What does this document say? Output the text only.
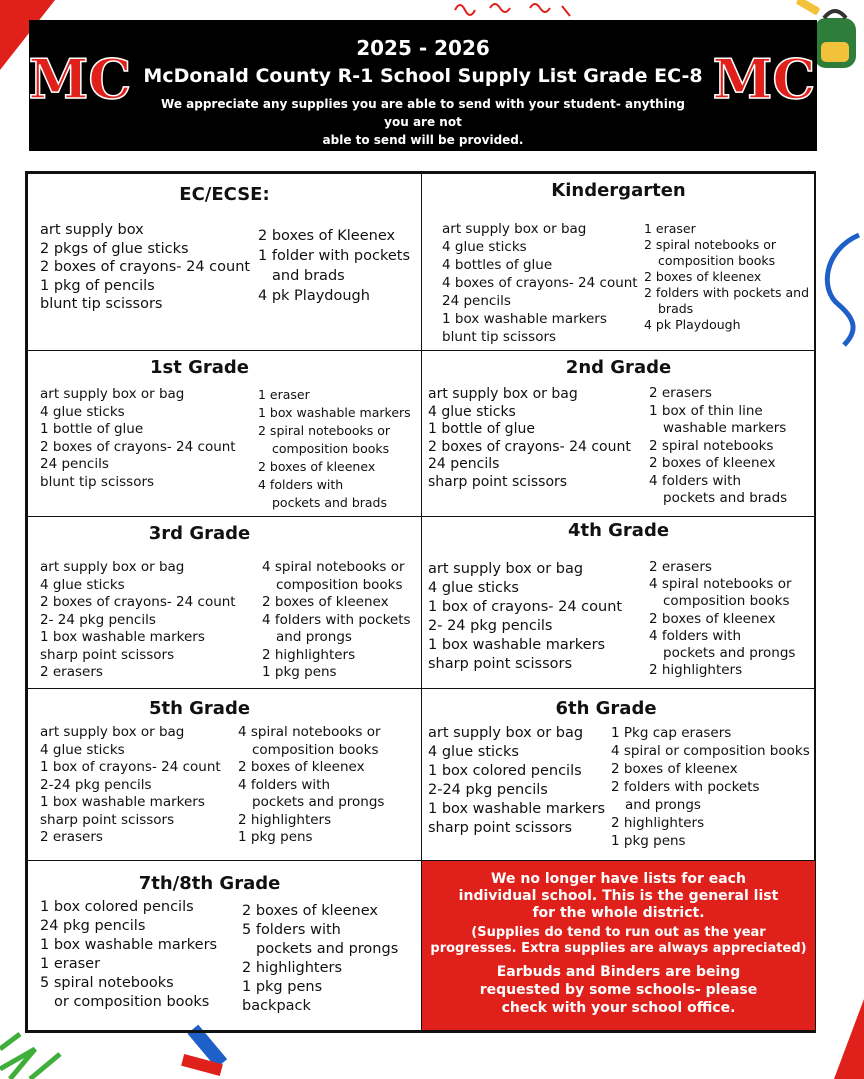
MC	MC
2025 - 2026
McDonald County R-1 School Supply List Grade EC-8
We appreciate any supplies you are able to send with your student- anything you are not
able to send will be provided.
EC/ECSE:
art supply box
2 pkgs of glue sticks
2 boxes of crayons- 24 count
1 pkg of pencils
blunt tip scissors
2 boxes of Kleenex
1 folder with pockets
and brads
4 pk Playdough
Kindergarten
art supply box or bag
4 glue sticks
4 bottles of glue
4 boxes of crayons- 24 count
24 pencils
1 box washable markers
blunt tip scissors
1 eraser
2 spiral notebooks or
composition books
2 boxes of kleenex
2 folders with pockets and
brads
4 pk Playdough
1st Grade
art supply box or bag
4 glue sticks
1 bottle of glue
2 boxes of crayons- 24 count
24 pencils
blunt tip scissors
1 eraser
1 box washable markers
2 spiral notebooks or
composition books
2 boxes of kleenex
4 folders with
pockets and brads
2nd Grade
art supply box or bag
4 glue sticks
1 bottle of glue
2 boxes of crayons- 24 count
24 pencils
sharp point scissors
2 erasers
1 box of thin line
washable markers
2 spiral notebooks
2 boxes of kleenex
4 folders with
pockets and brads
3rd Grade
art supply box or bag
4 glue sticks
2 boxes of crayons- 24 count
2- 24 pkg pencils
1 box washable markers
sharp point scissors
2 erasers
4 spiral notebooks or
composition books
2 boxes of kleenex
4 folders with pockets
and prongs
2 highlighters
1 pkg pens
4th Grade
art supply box or bag
4 glue sticks
1 box of crayons- 24 count
2- 24 pkg pencils
1 box washable markers
sharp point scissors
2 erasers
4 spiral notebooks or
composition books
2 boxes of kleenex
4 folders with
pockets and prongs
2 highlighters
5th Grade
art supply box or bag
4 glue sticks
1 box of crayons- 24 count
2-24 pkg pencils
1 box washable markers
sharp point scissors
2 erasers
4 spiral notebooks or
composition books
2 boxes of kleenex
4 folders with
pockets and prongs
2 highlighters
1 pkg pens
6th Grade
art supply box or bag
4 glue sticks
1 box colored pencils
2-24 pkg pencils
1 box washable markers
sharp point scissors
1 Pkg cap erasers
4 spiral or composition books
2 boxes of kleenex
2 folders with pockets
and prongs
2 highlighters
1 pkg pens
7th/8th Grade
1 box colored pencils
24 pkg pencils
1 box washable markers
1 eraser
5 spiral notebooks
or composition books
2 boxes of kleenex
5 folders with
pockets and prongs
2 highlighters
1 pkg pens
backpack
We no longer have lists for each
individual school. This is the general list
for the whole district.
(Supplies do tend to run out as the year
progresses. Extra supplies are always appreciated)
Earbuds and Binders are being
requested by some schools- please
check with your school office.
